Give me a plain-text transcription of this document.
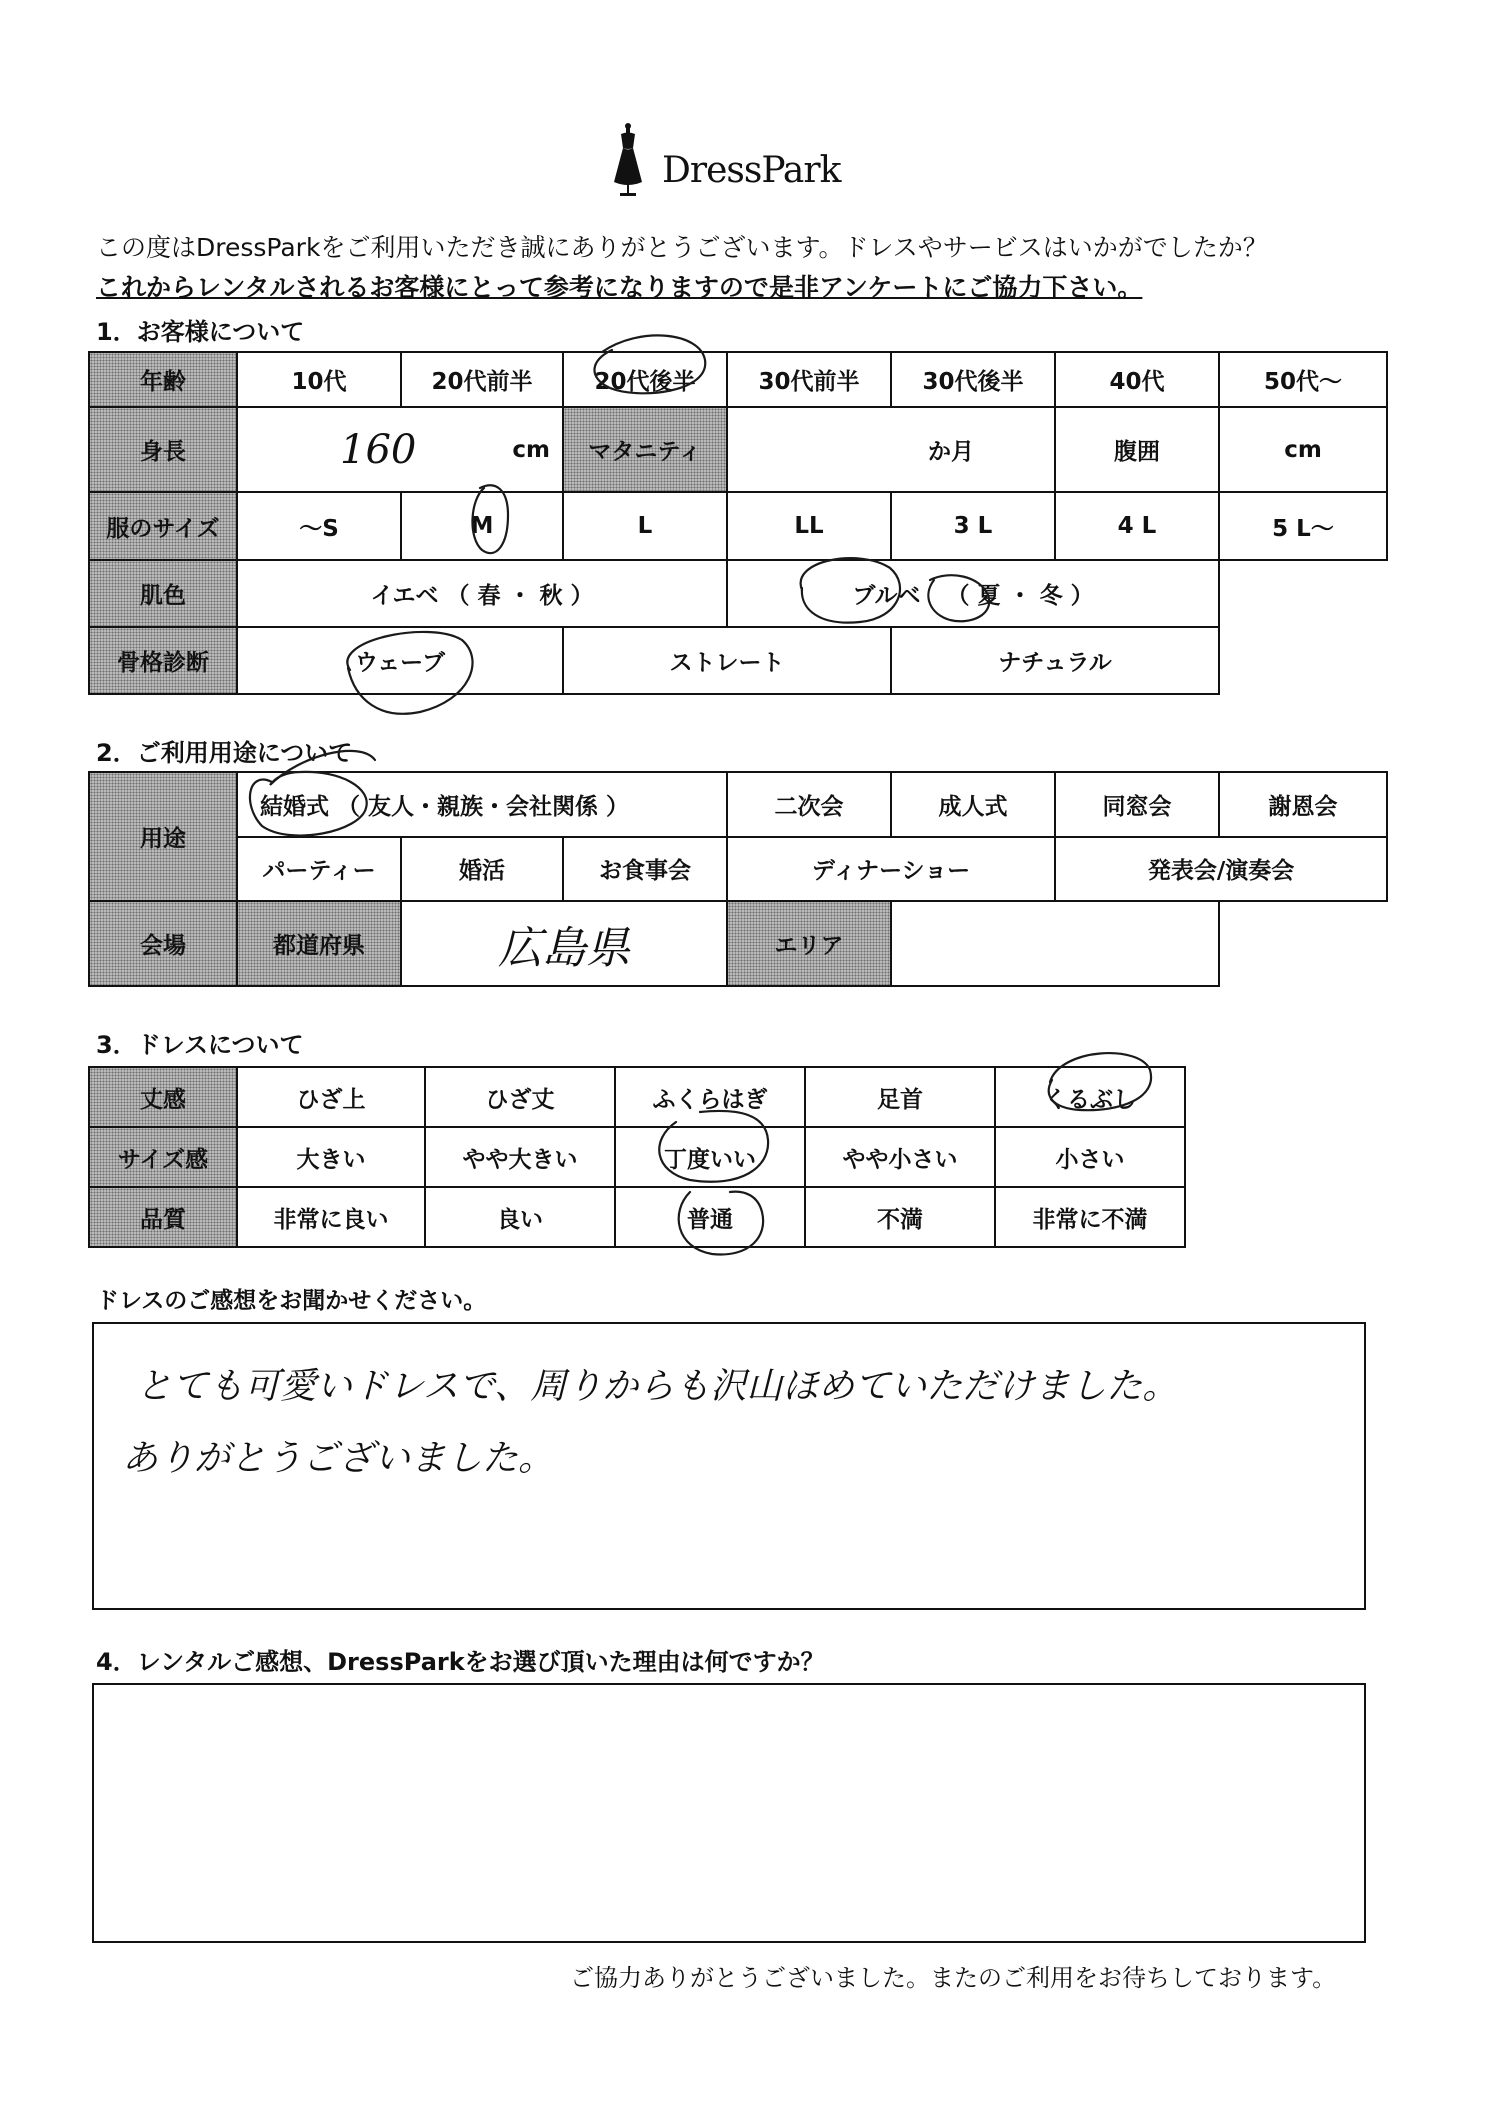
DressPark
この度はDressParkをご利用いただき誠にありがとうございます。ドレスやサービスはいかがでしたか？
これからレンタルされるお客様にとって参考になりますので是非アンケートにご協力下さい。
1．お客様について
年齢	10代	20代前半	20代後半	30代前半	30代後半	40代	50代～
身長	160 cm		マタニティ	か月		腹囲	cm
服のサイズ	～S	M	L	LL	3 L	4 L	5 L～
肌色	イエベ （ 春 ・ 秋 ）			ブルベ （ 夏 ・ 冬 ）			
骨格診断	ウェーブ		ストレート		ナチュラル		
2．ご利用用途について
用途	結婚式 （ 友人・親族・会社関係 ）			二次会	成人式	同窓会	謝恩会
	パーティー	婚活	お食事会	ディナーショー		発表会/演奏会	
会場	都道府県	広島県		エリア			
3．ドレスについて
丈感	ひざ上	ひざ丈	ふくらはぎ	足首	くるぶし
サイズ感	大きい	やや大きい	丁度いい	やや小さい	小さい
品質	非常に良い	良い	普通	不満	非常に不満
ドレスのご感想をお聞かせください。
とても可愛いドレスで、周りからも沢山ほめていただけました。
ありがとうございました。
4．レンタルご感想、DressParkをお選び頂いた理由は何ですか？
ご協力ありがとうございました。またのご利用をお待ちしております。
